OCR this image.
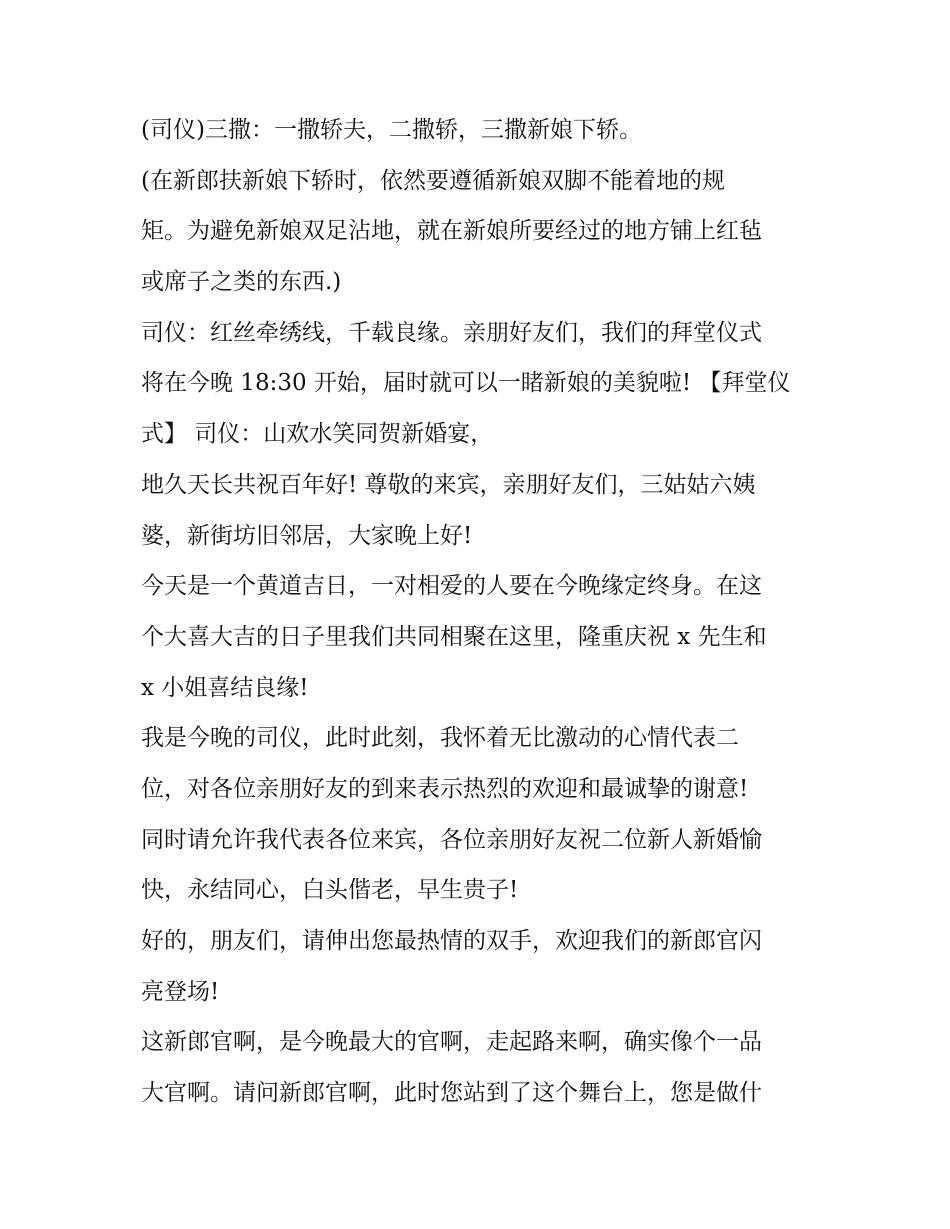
(司仪)三撒：一撒轿夫，二撒轿，三撒新娘下轿。
(在新郎扶新娘下轿时，依然要遵循新娘双脚不能着地的规
矩。为避免新娘双足沾地，就在新娘所要经过的地方铺上红毡
或席子之类的东西.)
司仪：红丝牵绣线，千载良缘。亲朋好友们，我们的拜堂仪式
将在今晚 18:30 开始，届时就可以一睹新娘的美貌啦! 【拜堂仪
式】 司仪：山欢水笑同贺新婚宴，
地久天长共祝百年好! 尊敬的来宾，亲朋好友们，三姑姑六姨
婆，新街坊旧邻居，大家晚上好!
今天是一个黄道吉日，一对相爱的人要在今晚缘定终身。在这
个大喜大吉的日子里我们共同相聚在这里，隆重庆祝 x 先生和
x 小姐喜结良缘!
我是今晚的司仪，此时此刻，我怀着无比激动的心情代表二
位，对各位亲朋好友的到来表示热烈的欢迎和最诚挚的谢意!
同时请允许我代表各位来宾，各位亲朋好友祝二位新人新婚愉
快，永结同心，白头偕老，早生贵子!
好的，朋友们，请伸出您最热情的双手，欢迎我们的新郎官闪
亮登场!
这新郎官啊，是今晚最大的官啊，走起路来啊，确实像个一品
大官啊。请问新郎官啊，此时您站到了这个舞台上，您是做什
